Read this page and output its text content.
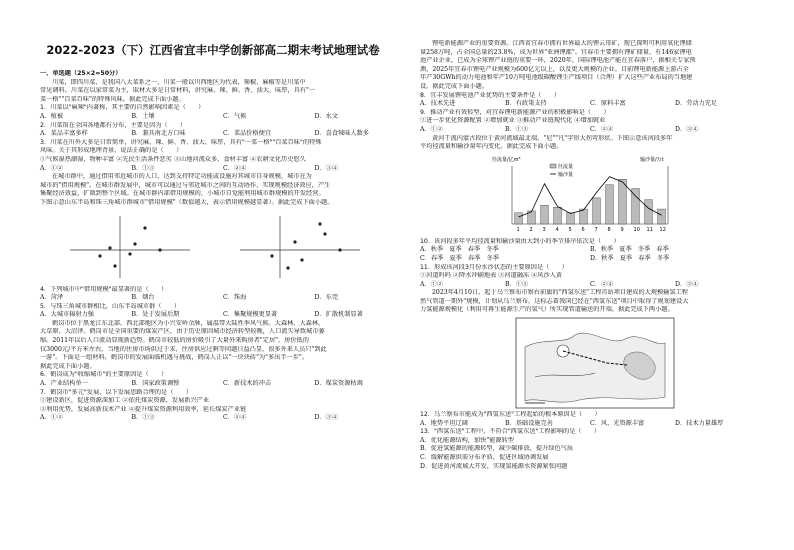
2022-2023（下）江西省宜丰中学创新部高二期末考试地理试卷
一、单选题（25×2=50分）
川菜，即四川菜，是我国八大菜系之一，川菜一般以川西地区为代表，辣椒、麻椒等是川菜中
常见调料。川菜在以家常菜为主，取材大多是日常材料，讲究麻、辣、鲜、香、油大、味厚，具有"一
菜一格""百菜百味"的特殊风味。据此完成下面小题。
1．川菜以"麻辣"内著称，其主要的自然影响因素是（　　）
A．植被	B．土壤	C．气候	D．水文
2．川菜馆在全国各地都有分布，主要是因为（　　）
A．菜品丰富多样	B．兼具南北方口味	C．菜品价格便宜	D．喜食辣味人数多
3．川菜在川外大多是日常简单，讲究麻、辣、鲜、香、油大、味厚，具有"一菜一格""百菜百味"的特殊
风味。关于其形成地理背景，说法正确的是（　　）
①气候湿热潮湿，物种丰富 ②先民生活条件恶劣 ③山地河流众多，食材丰富 ④农耕文化历史悠久
A．①②	B．①③	C．②④	D．③④
在城市群中，通过借用邻近城市的人口，达到支持特定功能或设施对其城市自身规模，城市在为
城市的"借用规模"。在城市群发展中，城市可以通过与邻近城市之间的互动协作，实现规模经济效应，产生
集聚经济效益，扩散到整个区域。在城市群内部借用规模的，小城市自觉能利用城市群规模的开发经营。
下图示意山东半岛和珠三角城市群城市"借用规模"（数值越大，表示借用规模越显著）。据此完成下面小题。
4．下列城市中"借用规模"最显著的是（　　）
A．菏泽	B．烟台	C．珠海	D．东莞
5．与珠三角城市群相比，山东半岛城市群（　　）
A．大城市辐射力强	B．处于发展后期	C．集聚规模更显著	D．扩散机制显著
鹤岗市位于黑龙江东北部，西北部地区为小兴安岭余脉，属温带大陆性季风气候。大森林、大森林、
大草原、大沼泽。鹤岗市是全国重要的煤炭产区，由于历史原因城市经济转型较晚，人口流失导致城市萎
缩。2011年以后人口流动显现新趋势。鹤岗市较低的房价吸引了大量外来购房者"定居"，房价低的
仅3000元/平方米左右。当地的住房市场供过于求、住房供应过剩等问题日益凸显，很多外来人员只"到此
一游"。下面是一组材料，鹤岗市的发展面临机遇与挑战，鹤岗人正以"一块块砖"为"多出半一步"。
据此完成下面小题。
6．鹤岗成为"收缩城市"的主要原因是（　　）
A．产业结构单一	B．国家政策调整	C．新技术的冲击	D．煤炭资源枯竭
7．鹤岗市"多元"发展，以下发展思路合理的是（　　）
①建设新区，促进资源深加工 ②依托煤炭资源，发展新兴产业
③利用优势，发展高新技术产业 ④提升煤炭资源利用效率，延长煤炭产业链
A．①②	B．①③	C．②④	D．③④
锂电新能源产业的重要资源。江西省宜春市拥有世界最大的锂云母矿，现已探明可利用氧化锂储
量258万吨，占全国总量的23.8%，成为世界"亚洲锂都"。宜春市主要拥有锂矿储量，有146家锂电
池产业企业，已成为全球锂产业链的重要一环，2020年，国际锂电池产能在宜春落户，据相关专家预
测，2025年宜春市锂电产业规模为600亿元以上，以及更大规模的企业。目前锂电新能源上游占全
年产30GWh的动力电池和年产10万吨电池级碳酸锂生产线项目（合理）扩大这些产业布局的当地建
设。据此完成下面小题。
8．宜丰发展锂电池产业优势的主要条件是（　　）
A．技术先进	B．有政策支持	C．原料丰富	D．劳动力充足
9．推动产业有效转型，对宜春锂电新能源产业的积极影响是（　　）
①进一步优化资源配置 ②增加就业 ③推动产业链现代化 ④增加就业
A．①②	B．①③	C．②④	D．③④
黄河干流内蒙古段位于黄河流域最北端。"尼""凡"字形大拐弯形状。下图示意该河段多年
平均径流量和输沙量年内变化。据此完成下面小题。
径流量/亿m³	输沙量/万t
径流量
输沙量
1 2 3 4 5 6 7 8 9 10 11 12
10．该河段多年平均径流量和输沙量由大到小的季节排序依次是（　　）
A．秋季　夏季　春季　冬季	B．秋季　夏季　冬季　春季
C．春季　夏季　春季　冬季	D．秋季　夏季　春季　冬季
11．形成该河段3月份水沙状态的主要原因是（　　）
①河道吗吗 ②降水冲刷地表 ③河道融冻 ④风沙入黄
A．①②	B．①③	C．②④	D．③④
2023年4月10日，起于乌兰察布市察右前旗的"西氢东送"工程首站项目建成的大规模输氢工程
然气管道一期外"规模，计划从乌兰察布，这标志着我国已经在"西氢东送"项目中取得了规划建设大
力氢能源规模化（利用可再生能源生产的氢气）所实现管道输送的开端。据此完成下两小题。
12．乌兰察布市能成为"西氢东送"工程起始的根本原因是（　　）
A．地势平坦辽阔	B．基础设施完善	C．风、光资源丰富	D．技术力量雄厚
13．"西氢东送"工程中，不符合"西氢东送"工程影响的是（　　）
A．优化能源结构，加快"能源转型
B．促进氢能源的能源转型，减少碳排放，提升绿色气质
C．缓解能源供需分布矛盾，促进区域协调发展
D．促进黄河流域大开发，实现氢能源水资源紧张问题
